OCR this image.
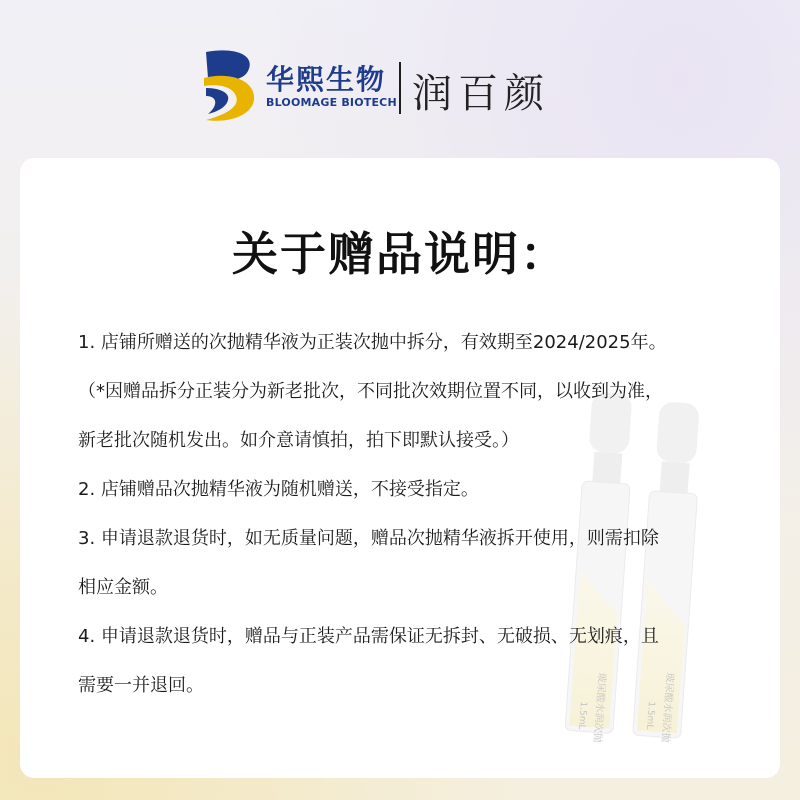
华熙生物
BLOOMAGE BIOTECH 润百颜
玻尿酸水润次抛
1.5mL	玻尿酸水润次抛
1.5mL
关于赠品说明：
1. 店铺所赠送的次抛精华液为正装次抛中拆分，有效期至2024/2025年。
（*因赠品拆分正装分为新老批次，不同批次效期位置不同，以收到为准，
新老批次随机发出。如介意请慎拍，拍下即默认接受。）
2. 店铺赠品次抛精华液为随机赠送，不接受指定。
3. 申请退款退货时，如无质量问题，赠品次抛精华液拆开使用，则需扣除
相应金额。
4. 申请退款退货时，赠品与正装产品需保证无拆封、无破损、无划痕，且
需要一并退回。
